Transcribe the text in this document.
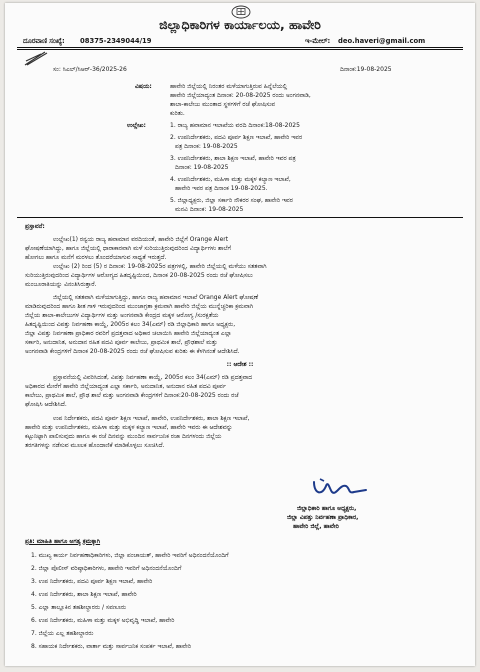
ಜಿಲ್ಲಾಧಿಕಾರಿಗಳ ಕಾರ್ಯಾಲಯ, ಹಾವೇರಿ
ದೂರವಾಣಿ ಸಂಖ್ಯೆ: 08375-2349044/19	ಇ-ಮೇಲ್: deo.haveri@gmail.com
ಸಂ: ಸಿಎಲ್/ಸಿಆರ್-36/2025-26	ದಿನಾಂಕ:19-08-2025
ವಿಷಯ:	ಹಾವೇರಿ ಜಿಲ್ಲೆಯಲ್ಲಿ ನಿರಂತರ ಮಳೆಯಾಗುತ್ತಿರುವ ಹಿನ್ನೆಲೆಯಲ್ಲಿ
ಹಾವೇರಿ ಜಿಲ್ಲೆಯಾದ್ಯಂತ ದಿನಾಂಕ: 20-08-2025 ರಂದು ಅಂಗನವಾಡಿ,
ಶಾಲಾ-ಕಾಲೇಜು ಮುಂತಾದ ಸ್ಥಳಗಳಿಗೆ ರಜೆ ಘೋಷಿಸುವ
ಕುರಿತು.
ಉಲ್ಲೇಖ:	1. ರಾಜ್ಯ ಹವಾಮಾನ ಇಲಾಖೆಯ ವರದಿ ದಿನಾಂಕ:18-08-2025
2. ಉಪನಿರ್ದೇಶಕರು, ಪದವಿ ಪೂರ್ವ ಶಿಕ್ಷಣ ಇಲಾಖೆ, ಹಾವೇರಿ ಇವರ
ಪತ್ರ ದಿನಾಂಕ: 19-08-2025
3. ಉಪನಿರ್ದೇಶಕರು, ಶಾಲಾ ಶಿಕ್ಷಣ ಇಲಾಖೆ, ಹಾವೇರಿ ಇವರ ಪತ್ರ
ದಿನಾಂಕ: 19-08-2025
4. ಉಪನಿರ್ದೇಶಕರು, ಮಹಿಳಾ ಮತ್ತು ಮಕ್ಕಳ ಕಲ್ಯಾಣ ಇಲಾಖೆ,
ಹಾವೇರಿ ಇವರ ಪತ್ರ ದಿನಾಂಕ 19-08-2025.
5. ಜಿಲ್ಲಾಧ್ಯಕ್ಷರು, ಜಿಲ್ಲಾ ಸರ್ಕಾರಿ ನೌಕರರ ಸಂಘ, ಹಾವೇರಿ ಇವರ
ಮನವಿ ದಿನಾಂಕ: 19-08-2025
ಪ್ರಸ್ತಾವನೆ:
ಉಲ್ಲೇಖ(1) ರನ್ವಯ ರಾಜ್ಯ ಹವಾಮಾನ ವರದಿಯಂತೆ, ಹಾವೇರಿ ಜಿಲ್ಲೆಗೆ Orange Alert
ಘೋಷಣೆಯಾಗಿದ್ದು, ಹಾಗೂ ಜಿಲ್ಲೆಯಲ್ಲಿ ಧಾರಾಕಾರವಾಗಿ ಮಳೆ ಸುರಿಯುತ್ತಿರುವುದರಿಂದ ವಿದ್ಯಾರ್ಥಿಗಳು ಶಾಲೆಗೆ
ಹೋಗಲು ಹಾಗೂ ಮನೆಗೆ ಮರಳಲು ತೊಂದರೆಯಾಗುವ ಸಾಧ್ಯತೆ ಇರುತ್ತದೆ.
ಉಲ್ಲೇಖ (2) ರಿಂದ (5) ರ ದಿನಾಂಕ: 19-08-2025ರ ಪತ್ರಗಳಲ್ಲಿ, ಹಾವೇರಿ ಜಿಲ್ಲೆಯಲ್ಲಿ ಮಳೆಯು ಸತತವಾಗಿ
ಸುರಿಯುತ್ತಿರುವುದರಿಂದ ವಿದ್ಯಾರ್ಥಿಗಳ ಆರೋಗ್ಯದ ಹಿತದೃಷ್ಟಿಯಿಂದ, ದಿನಾಂಕ 20-08-2025 ರಂದು ರಜೆ ಘೋಷಿಸಲು
ಮಂಜೂರಾತಿಯನ್ನು ವಿನಂತಿಸಿರುತ್ತಾರೆ.
ಜಿಲ್ಲೆಯಲ್ಲಿ ಸತತವಾಗಿ ಮಳೆಯಾಗುತ್ತಿದ್ದು, ಹಾಗೂ ರಾಜ್ಯ ಹವಾಮಾನ ಇಲಾಖೆ Orange Alert ಘೋಷಣೆ
ಮಾಡಿರುವುದರಿಂದ ಹಾಗೂ ಶೀತ ಗಾಳಿ ಇರುವುದರಿಂದ ಮುಂಜಾಗ್ರತಾ ಕ್ರಮವಾಗಿ ಹಾವೇರಿ ಜಿಲ್ಲೆಯ ಮುನ್ನೆಚ್ಚರಿಕಾ ಕ್ರಮವಾಗಿ
ಜಿಲ್ಲೆಯ ಶಾಲಾ-ಕಾಲೇಜುಗಳ ವಿದ್ಯಾರ್ಥಿಗಳ ಮತ್ತು ಅಂಗನವಾಡಿ ಕೇಂದ್ರದ ಮಕ್ಕಳ ಆರೋಗ್ಯ /ಸುರಕ್ಷತೆಯ
ಹಿತದೃಷ್ಟಿಯಿಂದ ವಿಪತ್ತು ನಿರ್ವಹಣಾ ಕಾಯ್ದೆ, 2005ರ ಕಲಂ 34(ಎಮ್) ರಡಿ ಜಿಲ್ಲಾಧಿಕಾರಿ ಹಾಗೂ ಅಧ್ಯಕ್ಷರು,
ಜಿಲ್ಲಾ ವಿಪತ್ತು ನಿರ್ವಹಣಾ ಪ್ರಾಧಿಕಾರ ರವರಿಗೆ ಪ್ರದತ್ತವಾದ ಅಧಿಕಾರ ಚಲಾಯಿಸಿ ಹಾವೇರಿ ಜಿಲ್ಲೆಯಾದ್ಯಂತ ಎಲ್ಲಾ
ಸರ್ಕಾರಿ, ಅನುದಾನಿತ, ಅನುದಾನ ರಹಿತ ಪದವಿ ಪೂರ್ವ ಕಾಲೇಜು, ಪ್ರಾಥಮಿಕ ಶಾಲೆ, ಪ್ರೌಢಶಾಲೆ ಮತ್ತು
ಅಂಗನವಾಡಿ ಕೇಂದ್ರಗಳಿಗೆ ದಿನಾಂಕ 20-08-2025 ರಂದು ರಜೆ ಘೋಷಿಸುವ ಕುರಿತು ಈ ಕೆಳಗಿನಂತೆ ಆದೇಶಿಸಿದೆ.
:: ಆದೇಶ ::
ಪ್ರಸ್ತಾವನೆಯಲ್ಲಿ ವಿವರಿಸಿದಂತೆ, ವಿಪತ್ತು ನಿರ್ವಹಣಾ ಕಾಯ್ದೆ, 2005ರ ಕಲಂ 34(ಎಮ್) ರಡಿ ಪ್ರದತ್ತವಾದ
ಅಧಿಕಾರದ ಮೇರೆಗೆ ಹಾವೇರಿ ಜಿಲ್ಲೆಯಾದ್ಯಂತ ಎಲ್ಲಾ ಸರ್ಕಾರಿ, ಅನುದಾನಿತ, ಅನುದಾನ ರಹಿತ ಪದವಿ ಪೂರ್ವ
ಕಾಲೇಜು, ಪ್ರಾಥಮಿಕ ಶಾಲೆ, ಪ್ರೌಢ ಶಾಲೆ ಮತ್ತು ಅಂಗನವಾಡಿ ಕೇಂದ್ರಗಳಿಗೆ ದಿನಾಂಕ:20-08-2025 ರಂದು ರಜೆ
ಘೋಷಿಸಿ ಆದೇಶಿಸಿದೆ.
ಉಪ ನಿರ್ದೇಶಕರು, ಪದವಿ ಪೂರ್ವ ಶಿಕ್ಷಣ ಇಲಾಖೆ, ಹಾವೇರಿ, ಉಪನಿರ್ದೇಶಕರು, ಶಾಲಾ ಶಿಕ್ಷಣ ಇಲಾಖೆ,
ಹಾವೇರಿ ಮತ್ತು ಉಪನಿರ್ದೇಶಕರು, ಮಹಿಳಾ ಮತ್ತು ಮಕ್ಕಳ ಕಲ್ಯಾಣ ಇಲಾಖೆ, ಹಾವೇರಿ ಇವರು ಈ ಆದೇಶವನ್ನು
ಕಟ್ಟುನಿಟ್ಟಾಗಿ ಪಾಲಿಸುವುದು ಹಾಗೂ ಈ ರಜೆ ದಿನವನ್ನು ಮುಂದಿನ ಸಾರ್ವಜನಿಕ ರಜಾ ದಿನಗಳಂದು ಜಿಲ್ಲೆಯ
ತರಗತಿಗಳನ್ನು ನಡೆಸುವ ಮೂಲಕ ಹೊಂದಾಣಿಕೆ ಮಾಡಿಕೊಳ್ಳಲು ಸೂಚಿಸಿದೆ.
ಜಿಲ್ಲಾಧಿಕಾರಿ ಹಾಗೂ ಅಧ್ಯಕ್ಷರು,
ಜಿಲ್ಲಾ ವಿಪತ್ತು ನಿರ್ವಹಣಾ ಪ್ರಾಧಿಕಾರ,
ಹಾವೇರಿ ಜಿಲ್ಲೆ, ಹಾವೇರಿ
ಪ್ರತಿ: ಮಾಹಿತಿ ಹಾಗೂ ಅಗತ್ಯ ಕ್ರಮಕ್ಕಾಗಿ
1. ಮುಖ್ಯ ಕಾರ್ಯ ನಿರ್ವಹಣಾಧಿಕಾರಿಗಳು, ಜಿಲ್ಲಾ ಪಂಚಾಯತ್, ಹಾವೇರಿ ಇವರಿಗೆ ಅಧಿನಂದನೆಯೊಂದಿಗೆ
2. ಜಿಲ್ಲಾ ಪೊಲೀಸ್ ವರಿಷ್ಠಾಧಿಕಾರಿಗಳು, ಹಾವೇರಿ ಇವರಿಗೆ ಅಧಿನಂದನೆಯೊಂದಿಗೆ
3. ಉಪ ನಿರ್ದೇಶಕರು, ಪದವಿ ಪೂರ್ವ ಶಿಕ್ಷಣ ಇಲಾಖೆ, ಹಾವೇರಿ
4. ಉಪ ನಿರ್ದೇಶಕರು, ಶಾಲಾ ಶಿಕ್ಷಣ ಇಲಾಖೆ, ಹಾವೇರಿ
5. ಎಲ್ಲಾ ತಾಲ್ಲೂಕಿನ ತಹಶೀಲ್ದಾರರು / ಸವಣೂರು
6. ಉಪ ನಿರ್ದೇಶಕರು, ಮಹಿಳಾ ಮತ್ತು ಮಕ್ಕಳ ಅಭಿವೃದ್ಧಿ ಇಲಾಖೆ, ಹಾವೇರಿ
7. ಜಿಲ್ಲೆಯ ಎಲ್ಲ ತಹಶೀಲ್ದಾರರು
8. ಸಹಾಯಕ ನಿರ್ದೇಶಕರು, ವಾರ್ತಾ ಮತ್ತು ಸಾರ್ವಜನಿಕ ಸಂಪರ್ಕ ಇಲಾಖೆ, ಹಾವೇರಿ
